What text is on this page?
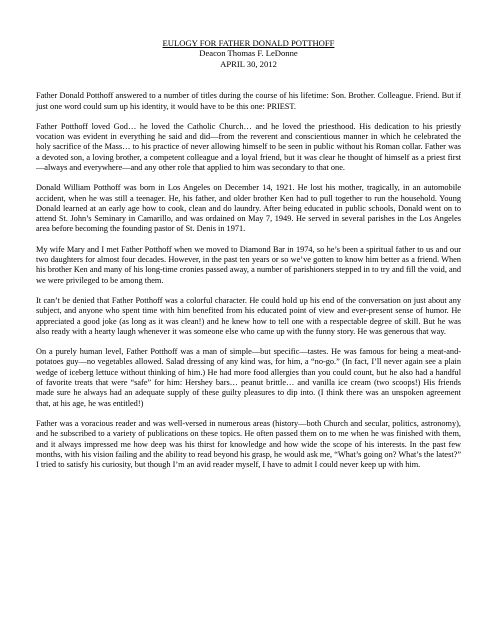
EULOGY FOR FATHER DONALD POTTHOFF
Deacon Thomas F. LeDonne
APRIL 30, 2012

Father Donald Potthoff answered to a number of titles during the course of his lifetime: Son. Brother. Colleague. Friend. But if just one word could sum up his identity, it would have to be this one: PRIEST.

Father Potthoff loved God… he loved the Catholic Church… and he loved the priesthood. His dedication to his priestly vocation was evident in everything he said and did—from the reverent and conscientious manner in which he celebrated the holy sacrifice of the Mass… to his practice of never allowing himself to be seen in public without his Roman collar. Father was a devoted son, a loving brother, a competent colleague and a loyal friend, but it was clear he thought of himself as a priest first—always and everywhere—and any other role that applied to him was secondary to that one.

Donald William Potthoff was born in Los Angeles on December 14, 1921. He lost his mother, tragically, in an automobile accident, when he was still a teenager. He, his father, and older brother Ken had to pull together to run the household. Young Donald learned at an early age how to cook, clean and do laundry. After being educated in public schools, Donald went on to attend St. John’s Seminary in Camarillo, and was ordained on May 7, 1949. He served in several parishes in the Los Angeles area before becoming the founding pastor of St. Denis in 1971.

My wife Mary and I met Father Potthoff when we moved to Diamond Bar in 1974, so he’s been a spiritual father to us and our two daughters for almost four decades. However, in the past ten years or so we’ve gotten to know him better as a friend. When his brother Ken and many of his long-time cronies passed away, a number of parishioners stepped in to try and fill the void, and we were privileged to be among them.

It can’t be denied that Father Potthoff was a colorful character. He could hold up his end of the conversation on just about any subject, and anyone who spent time with him benefited from his educated point of view and ever-present sense of humor. He appreciated a good joke (as long as it was clean!) and he knew how to tell one with a respectable degree of skill. But he was also ready with a hearty laugh whenever it was someone else who came up with the funny story. He was generous that way.

On a purely human level, Father Potthoff was a man of simple—but specific—tastes. He was famous for being a meat-and-potatoes guy—no vegetables allowed. Salad dressing of any kind was, for him, a “no-go.” (In fact, I’ll never again see a plain wedge of iceberg lettuce without thinking of him.) He had more food allergies than you could count, but he also had a handful of favorite treats that were “safe” for him: Hershey bars… peanut brittle… and vanilla ice cream (two scoops!) His friends made sure he always had an adequate supply of these guilty pleasures to dip into. (I think there was an unspoken agreement that, at his age, he was entitled!)

Father was a voracious reader and was well-versed in numerous areas (history—both Church and secular, politics, astronomy), and he subscribed to a variety of publications on these topics. He often passed them on to me when he was finished with them, and it always impressed me how deep was his thirst for knowledge and how wide the scope of his interests. In the past few months, with his vision failing and the ability to read beyond his grasp, he would ask me, “What’s going on? What’s the latest?” I tried to satisfy his curiosity, but though I’m an avid reader myself, I have to admit I could never keep up with him.
